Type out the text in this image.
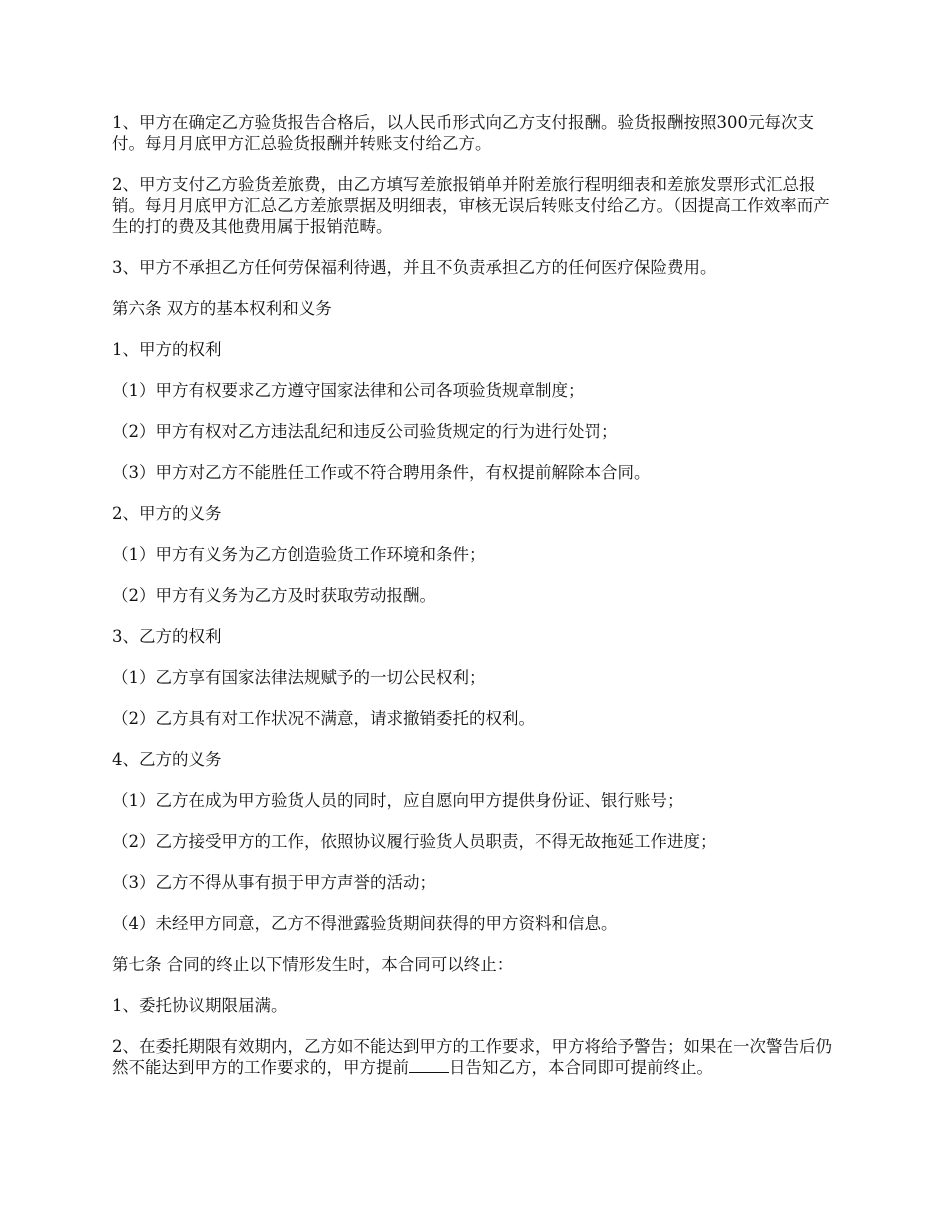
1、甲方在确定乙方验货报告合格后，以人民币形式向乙方支付报酬。验货报酬按照300元每次支付。每月月底甲方汇总验货报酬并转账支付给乙方。

2、甲方支付乙方验货差旅费，由乙方填写差旅报销单并附差旅行程明细表和差旅发票形式汇总报销。每月月底甲方汇总乙方差旅票据及明细表，审核无误后转账支付给乙方。（因提高工作效率而产生的打的费及其他费用属于报销范畴。

3、甲方不承担乙方任何劳保福利待遇，并且不负责承担乙方的任何医疗保险费用。

第六条 双方的基本权利和义务

1、甲方的权利

（1）甲方有权要求乙方遵守国家法律和公司各项验货规章制度；

（2）甲方有权对乙方违法乱纪和违反公司验货规定的行为进行处罚；

（3）甲方对乙方不能胜任工作或不符合聘用条件，有权提前解除本合同。

2、甲方的义务

（1）甲方有义务为乙方创造验货工作环境和条件；

（2）甲方有义务为乙方及时获取劳动报酬。

3、乙方的权利

（1）乙方享有国家法律法规赋予的一切公民权利；

（2）乙方具有对工作状况不满意，请求撤销委托的权利。

4、乙方的义务

（1）乙方在成为甲方验货人员的同时，应自愿向甲方提供身份证、银行账号；

（2）乙方接受甲方的工作，依照协议履行验货人员职责，不得无故拖延工作进度；

（3）乙方不得从事有损于甲方声誉的活动；

（4）未经甲方同意，乙方不得泄露验货期间获得的甲方资料和信息。

第七条 合同的终止以下情形发生时，本合同可以终止：

1、委托协议期限届满。

2、在委托期限有效期内，乙方如不能达到甲方的工作要求，甲方将给予警告；如果在一次警告后仍然不能达到甲方的工作要求的，甲方提前 日告知乙方，本合同即可提前终止。
